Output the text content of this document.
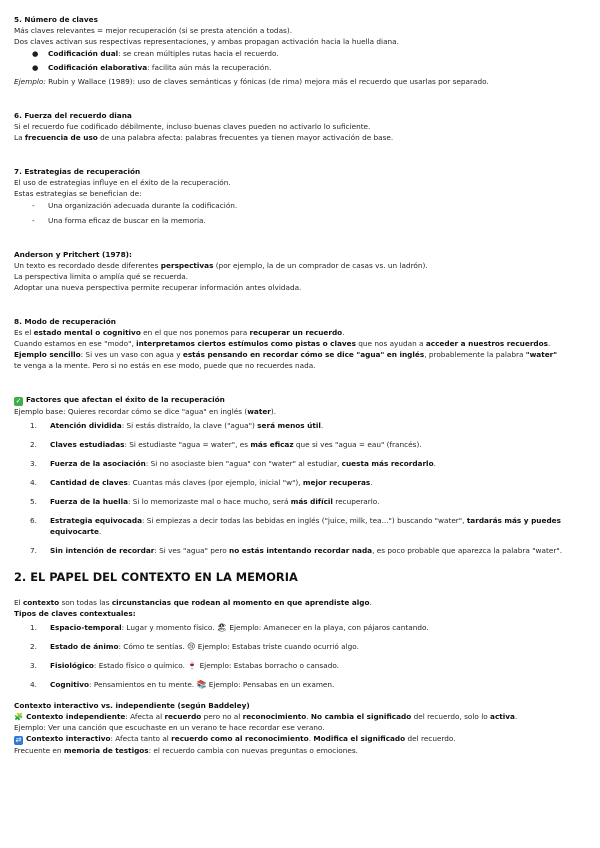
5. Número de claves

Más claves relevantes = mejor recuperación (si se presta atención a todas).

Dos claves activan sus respectivas representaciones, y ambas propagan activación hacia la huella diana.

● Codificación dual: se crean múltiples rutas hacia el recuerdo.
● Codificación elaborativa: facilita aún más la recuperación.

Ejemplo: Rubin y Wallace (1989): uso de claves semánticas y fónicas (de rima) mejora más el recuerdo que usarlas por separado.

6. Fuerza del recuerdo diana

Si el recuerdo fue codificado débilmente, incluso buenas claves pueden no activarlo lo suficiente.

La frecuencia de uso de una palabra afecta: palabras frecuentes ya tienen mayor activación de base.

7. Estrategias de recuperación

El uso de estrategias influye en el éxito de la recuperación.

Estas estrategias se benefician de:

- Una organización adecuada durante la codificación.
- Una forma eficaz de buscar en la memoria.

Anderson y Pritchert (1978):

Un texto es recordado desde diferentes perspectivas (por ejemplo, la de un comprador de casas vs. un ladrón).

La perspectiva limita o amplía qué se recuerda.

Adoptar una nueva perspectiva permite recuperar información antes olvidada.

8. Modo de recuperación

Es el estado mental o cognitivo en el que nos ponemos para recuperar un recuerdo.

Cuando estamos en ese "modo", interpretamos ciertos estímulos como pistas o claves que nos ayudan a acceder a nuestros recuerdos.

Ejemplo sencillo: Si ves un vaso con agua y estás pensando en recordar cómo se dice "agua" en inglés, probablemente la palabra "water"

te venga a la mente. Pero si no estás en ese modo, puede que no recuerdes nada.

✓ Factores que afectan el éxito de la recuperación

Ejemplo base: Quieres recordar cómo se dice "agua" en inglés (water).

1. Atención dividida: Si estás distraído, la clave ("agua") será menos útil.
2. Claves estudiadas: Si estudiaste "agua = water", es más eficaz que si ves "agua = eau" (francés).
3. Fuerza de la asociación: Si no asociaste bien "agua" con "water" al estudiar, cuesta más recordarlo.
4. Cantidad de claves: Cuantas más claves (por ejemplo, inicial "w"), mejor recuperas.
5. Fuerza de la huella: Si lo memorizaste mal o hace mucho, será más difícil recuperarlo.
6. Estrategia equivocada: Si empiezas a decir todas las bebidas en inglés ("juice, milk, tea...") buscando "water", tardarás más y puedes equivocarte.
7. Sin intención de recordar: Si ves "agua" pero no estás intentando recordar nada, es poco probable que aparezca la palabra "water".

2. EL PAPEL DEL CONTEXTO EN LA MEMORIA

El contexto son todas las circunstancias que rodean al momento en que aprendiste algo.

Tipos de claves contextuales:

1. Espacio-temporal: Lugar y momento físico. 🏖 Ejemplo: Amanecer en la playa, con pájaros cantando.
2. Estado de ánimo: Cómo te sentías. 😢 Ejemplo: Estabas triste cuando ocurrió algo.
3. Fisiológico: Estado físico o químico. 🍷 Ejemplo: Estabas borracho o cansado.
4. Cognitivo: Pensamientos en tu mente. 📚 Ejemplo: Pensabas en un examen.

Contexto interactivo vs. independiente (según Baddeley)

🧩 Contexto independiente: Afecta al recuerdo pero no al reconocimiento. No cambia el significado del recuerdo, solo lo activa.

Ejemplo: Ver una canción que escuchaste en un verano te hace recordar ese verano.

⇄ Contexto interactivo: Afecta tanto al recuerdo como al reconocimiento. Modifica el significado del recuerdo.

Frecuente en memoria de testigos: el recuerdo cambia con nuevas preguntas o emociones.
